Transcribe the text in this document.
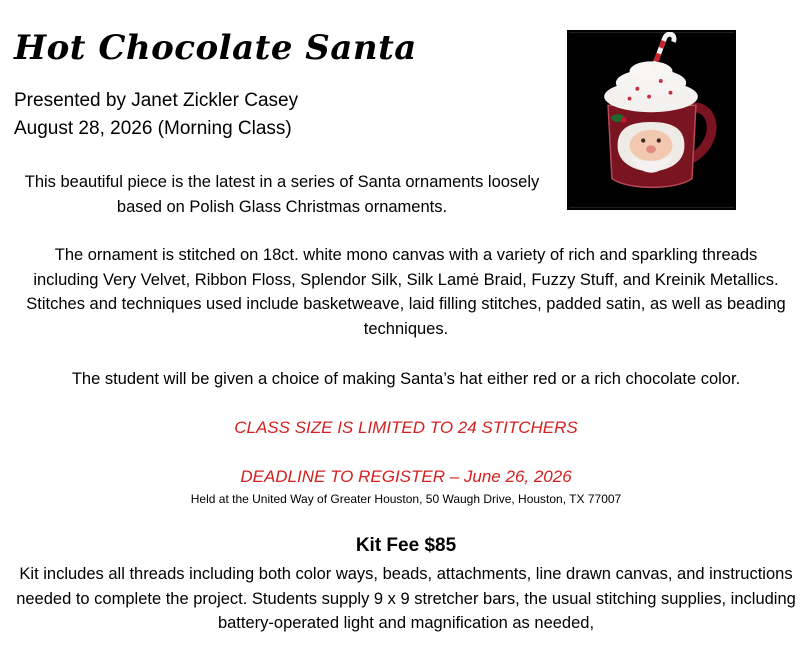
Hot Chocolate Santa
Presented by Janet Zickler Casey
August 28, 2026 (Morning Class)
This beautiful piece is the latest in a series of Santa ornaments loosely based on Polish Glass Christmas ornaments.
The ornament is stitched on 18ct. white mono canvas with a variety of rich and sparkling threads including Very Velvet, Ribbon Floss, Splendor Silk, Silk Lamė Braid, Fuzzy Stuff, and Kreinik Metallics. Stitches and techniques used include basketweave, laid filling stitches, padded satin, as well as beading techniques.
The student will be given a choice of making Santa’s hat either red or a rich chocolate color.
CLASS SIZE IS LIMITED TO 24 STITCHERS
DEADLINE TO REGISTER – June 26, 2026
Held at the United Way of Greater Houston, 50 Waugh Drive, Houston, TX 77007
Kit Fee $85
Kit includes all threads including both color ways, beads, attachments, line drawn canvas, and instructions needed to complete the project. Students supply 9 x 9 stretcher bars, the usual stitching supplies, including battery-operated light and magnification as needed,
